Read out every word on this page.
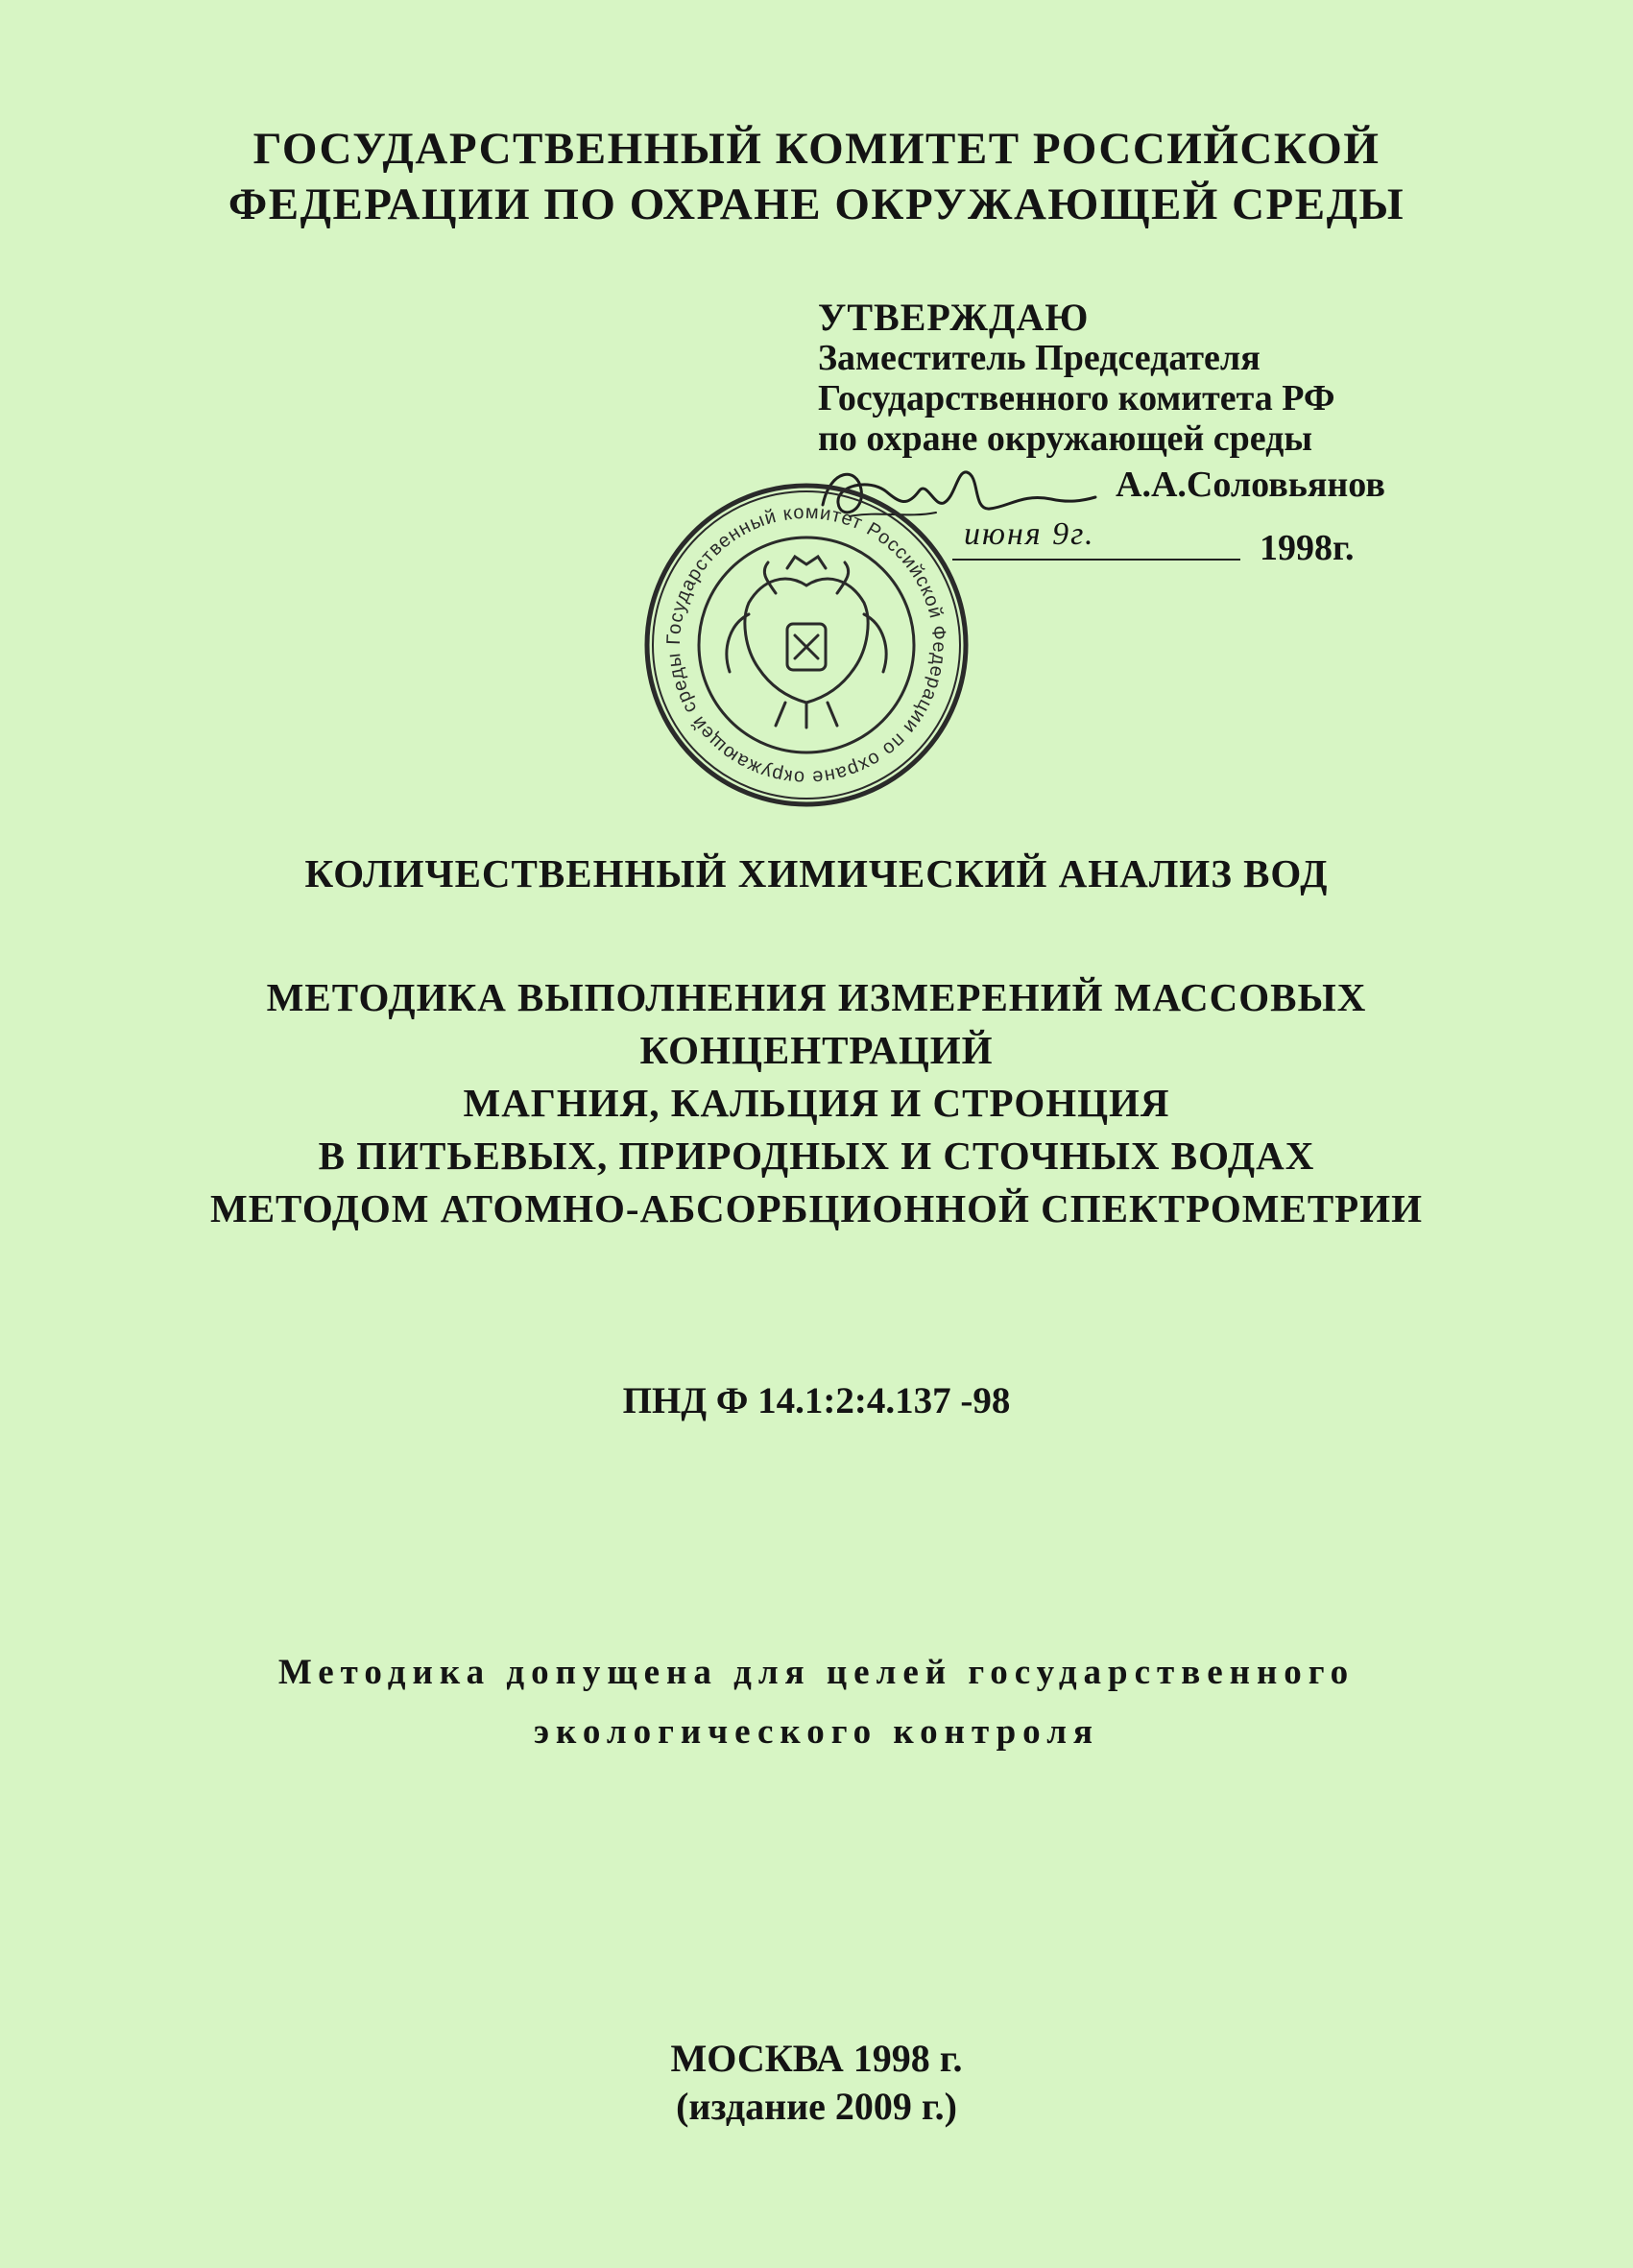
ГОСУДАРСТВЕННЫЙ КОМИТЕТ РОССИЙСКОЙ
ФЕДЕРАЦИИ ПО ОХРАНЕ ОКРУЖАЮЩЕЙ СРЕДЫ
УТВЕРЖДАЮ
Заместитель Председателя
Государственного комитета РФ
по охране окружающей среды
А.А.Соловьянов
июня 9г.	1998г.
Государственный комитет Российской Федерации по охране окружающей среды
КОЛИЧЕСТВЕННЫЙ ХИМИЧЕСКИЙ АНАЛИЗ ВОД
МЕТОДИКА ВЫПОЛНЕНИЯ ИЗМЕРЕНИЙ МАССОВЫХ
КОНЦЕНТРАЦИЙ
МАГНИЯ, КАЛЬЦИЯ И СТРОНЦИЯ
В ПИТЬЕВЫХ, ПРИРОДНЫХ И СТОЧНЫХ ВОДАХ
МЕТОДОМ АТОМНО-АБСОРБЦИОННОЙ СПЕКТРОМЕТРИИ
ПНД Ф 14.1:2:4.137 -98
Методика допущена для целей государственного
экологического контроля
МОСКВА 1998 г.
(издание 2009 г.)
